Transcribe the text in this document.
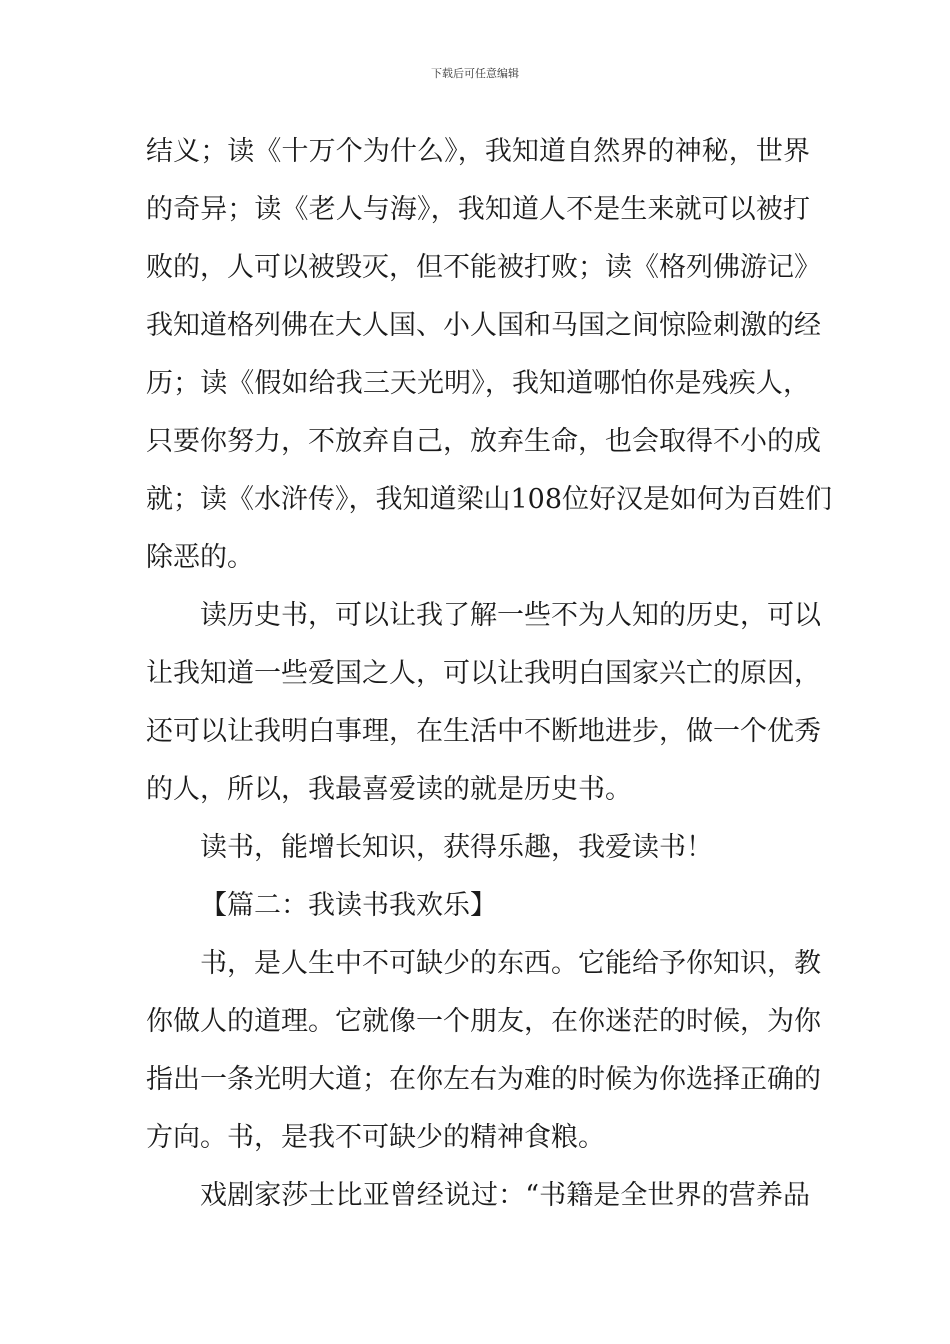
下载后可任意编辑
结义；读《十万个为什么》，我知道自然界的神秘，世界
的奇异；读《老人与海》，我知道人不是生来就可以被打
败的，人可以被毁灭，但不能被打败；读《格列佛游记》
我知道格列佛在大人国、小人国和马国之间惊险刺激的经
历；读《假如给我三天光明》，我知道哪怕你是残疾人，
只要你努力，不放弃自己，放弃生命，也会取得不小的成
就；读《水浒传》，我知道梁山108位好汉是如何为百姓们
除恶的。
读历史书，可以让我了解一些不为人知的历史，可以
让我知道一些爱国之人，可以让我明白国家兴亡的原因，
还可以让我明白事理，在生活中不断地进步，做一个优秀
的人，所以，我最喜爱读的就是历史书。
读书，能增长知识，获得乐趣，我爱读书！
【篇二：我读书我欢乐】
书，是人生中不可缺少的东西。它能给予你知识，教
你做人的道理。它就像一个朋友，在你迷茫的时候，为你
指出一条光明大道；在你左右为难的时候为你选择正确的
方向。书，是我不可缺少的精神食粮。
戏剧家莎士比亚曾经说过：“书籍是全世界的营养品
